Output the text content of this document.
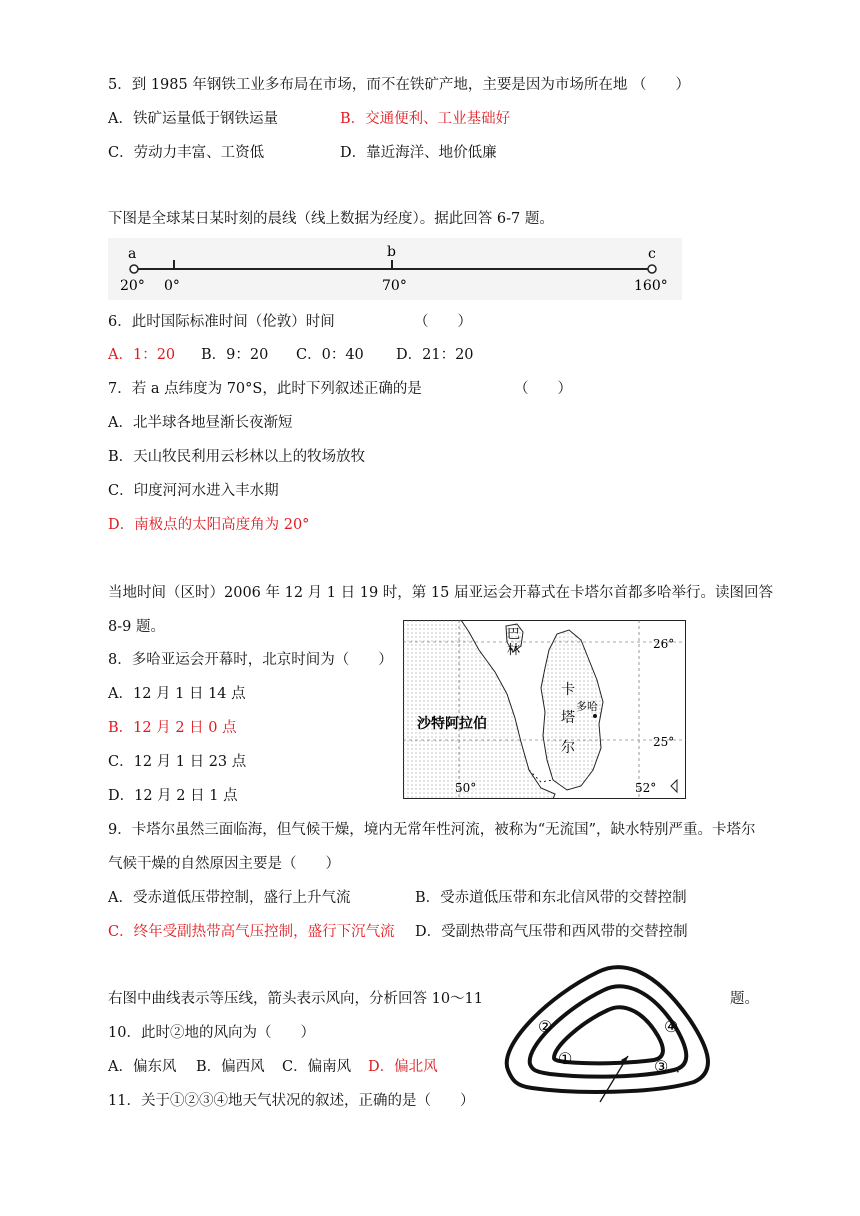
5．到 1985 年钢铁工业多布局在市场，而不在铁矿产地，主要是因为市场所在地 （　　）
A．铁矿运量低于钢铁运量	B．交通便利、工业基础好
C．劳动力丰富、工资低	D．靠近海洋、地价低廉
下图是全球某日某时刻的晨线（线上数据为经度）。据此回答 6-7 题。
a	b	c
20° 0°	70°	160°
6．此时国际标准时间（伦敦）时间	（　　）
A．1：20 B．9：20 C．0：40 D．21：20
7．若 a 点纬度为 70°S，此时下列叙述正确的是	（　　）
A．北半球各地昼渐长夜渐短
B．天山牧民利用云杉林以上的牧场放牧
C．印度河河水进入丰水期
D．南极点的太阳高度角为 20°
当地时间（区时）2006 年 12 月 1 日 19 时，第 15 届亚运会开幕式在卡塔尔首都多哈举行。读图回答
8-9 题。
26°
25°
50°	52°
巴
林
沙特阿拉伯
卡
塔
尔
多哈
8．多哈亚运会开幕时，北京时间为（　　）
A．12 月 1 日 14 点
B．12 月 2 日 0 点
C．12 月 1 日 23 点
D．12 月 2 日 1 点
9．卡塔尔虽然三面临海，但气候干燥，境内无常年性河流，被称为“无流国”，缺水特别严重。卡塔尔
气候干燥的自然原因主要是（　　）
A．受赤道低压带控制，盛行上升气流	B．受赤道低压带和东北信风带的交替控制
C．终年受副热带高气压控制，盛行下沉气流 D．受副热带高气压带和西风带的交替控制
右图中曲线表示等压线，箭头表示风向，分析回答 10～11	题。
·	·
·
①
②
③
④
10．此时②地的风向为（　　）
A．偏东风 B．偏西风 C．偏南风 D．偏北风
11．关于①②③④地天气状况的叙述，正确的是（　　）
